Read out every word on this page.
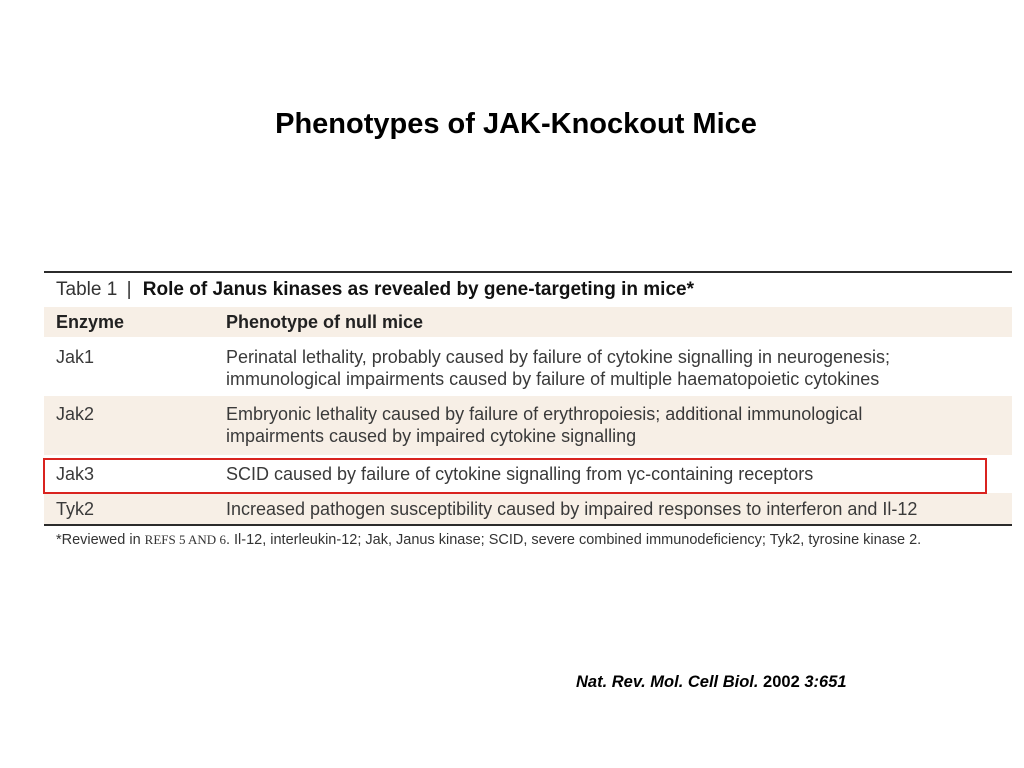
Phenotypes of JAK-Knockout Mice
Table 1 | Role of Janus kinases as revealed by gene-targeting in mice*
Enzyme	Phenotype of null mice
Jak1	Perinatal lethality, probably caused by failure of cytokine signalling in neurogenesis;
immunological impairments caused by failure of multiple haematopoietic cytokines

Jak2	Embryonic lethality caused by failure of erythropoiesis; additional immunological
impairments caused by impaired cytokine signalling

Jak3	SCID caused by failure of cytokine signalling from γc-containing receptors

Tyk2	Increased pathogen susceptibility caused by impaired responses to interferon and Il-12
*Reviewed in REFS 5 AND 6. Il-12, interleukin-12; Jak, Janus kinase; SCID, severe combined immunodeficiency; Tyk2, tyrosine kinase 2.
Nat. Rev. Mol. Cell Biol. 2002 3:651
